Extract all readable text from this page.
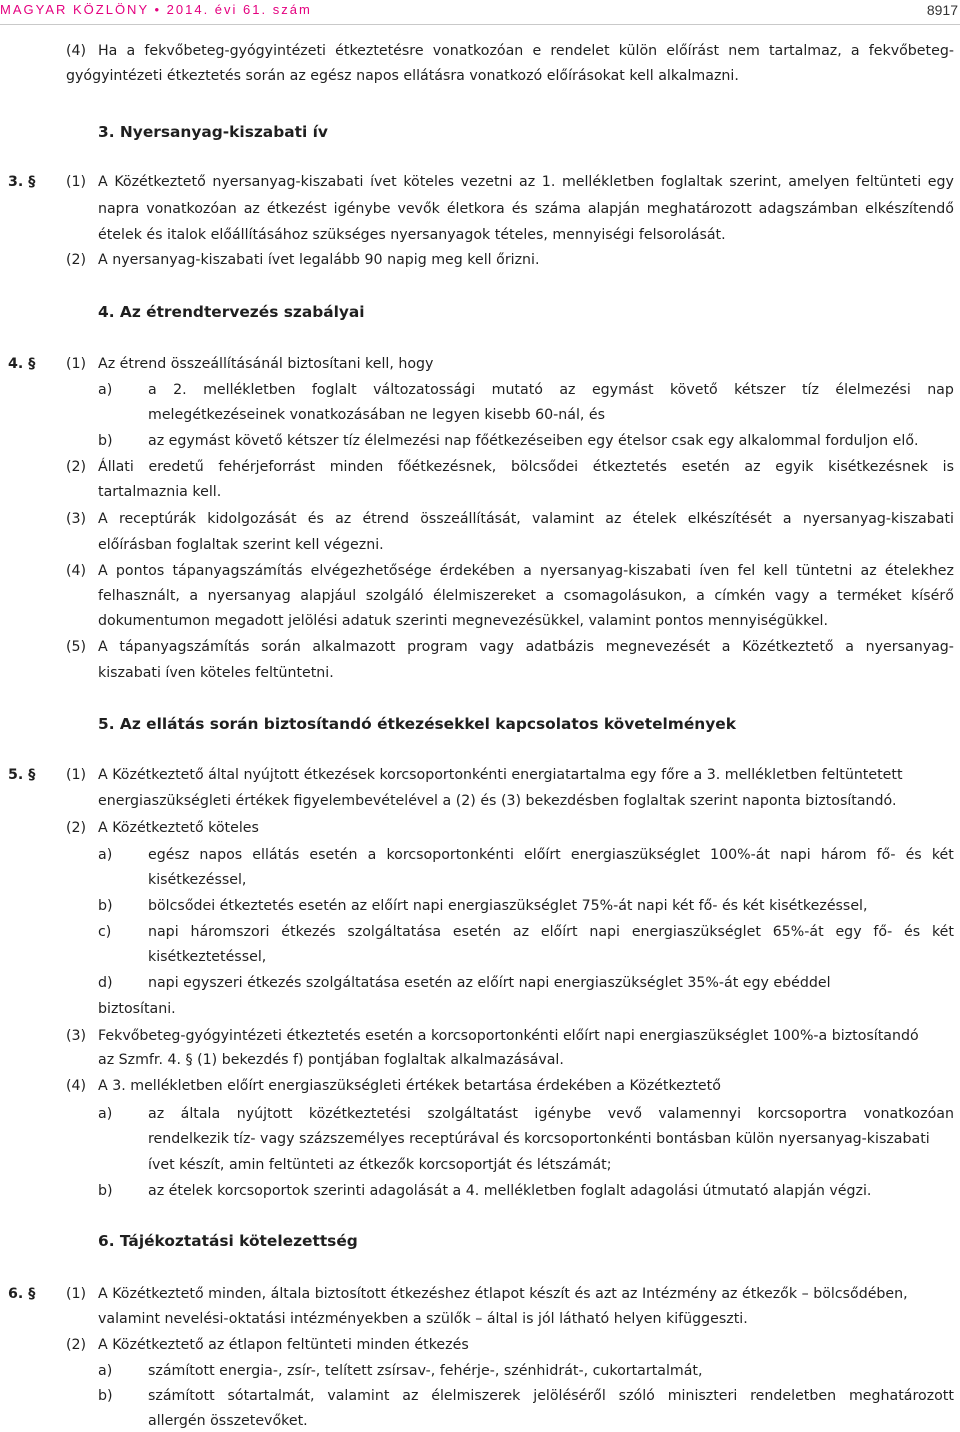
MAGYAR KÖZLÖNY • 2014. évi 61. szám	8917
(4) Ha a fekvőbeteg-gyógyintézeti étkeztetésre vonatkozóan e rendelet külön előírást nem tartalmaz, a fekvőbeteg-
gyógyintézeti étkeztetés során az egész napos ellátásra vonatkozó előírásokat kell alkalmazni.
3. Nyersanyag-kiszabati ív
3. § (1) A Közétkeztető nyersanyag-kiszabati ívet köteles vezetni az 1. mellékletben foglaltak szerint, amelyen feltünteti egy
napra vonatkozóan az étkezést igénybe vevők életkora és száma alapján meghatározott adagszámban elkészítendő
ételek és italok előállításához szükséges nyersanyagok tételes, mennyiségi felsorolását.
(2) A nyersanyag-kiszabati ívet legalább 90 napig meg kell őrizni.
4. Az étrendtervezés szabályai
4. § (1) Az étrend összeállításánál biztosítani kell, hogy
a)	a 2. mellékletben foglalt változatossági mutató az egymást követő kétszer tíz élelmezési nap
melegétkezéseinek vonatkozásában ne legyen kisebb 60-nál, és
b) az egymást követő kétszer tíz élelmezési nap főétkezéseiben egy ételsor csak egy alkalommal forduljon elő.
(2) Állati eredetű fehérjeforrást minden főétkezésnek, bölcsődei étkeztetés esetén az egyik kisétkezésnek is
tartalmaznia kell.
(3) A receptúrák kidolgozását és az étrend összeállítását, valamint az ételek elkészítését a nyersanyag-kiszabati
előírásban foglaltak szerint kell végezni.
(4) A pontos tápanyagszámítás elvégezhetősége érdekében a nyersanyag-kiszabati íven fel kell tüntetni az ételekhez
felhasznált, a nyersanyag alapjául szolgáló élelmiszereket a csomagolásukon, a címkén vagy a terméket kísérő
dokumentumon megadott jelölési adatuk szerinti megnevezésükkel, valamint pontos mennyiségükkel.
(5) A tápanyagszámítás során alkalmazott program vagy adatbázis megnevezését a Közétkeztető a nyersanyag-
kiszabati íven köteles feltüntetni.
5. Az ellátás során biztosítandó étkezésekkel kapcsolatos követelmények
5. § (1) A Közétkeztető által nyújtott étkezések korcsoportonkénti energiatartalma egy főre a 3. mellékletben feltüntetett
energiaszükségleti értékek figyelembevételével a (2) és (3) bekezdésben foglaltak szerint naponta biztosítandó.
(2) A Közétkeztető köteles
a)	egész napos ellátás esetén a korcsoportonkénti előírt energiaszükséglet 100%-át napi három fő- és két
kisétkezéssel,
b) bölcsődei étkeztetés esetén az előírt napi energiaszükséglet 75%-át napi két fő- és két kisétkezéssel,
c)	napi háromszori étkezés szolgáltatása esetén az előírt napi energiaszükséglet 65%-át egy fő- és két
kisétkeztetéssel,
d) napi egyszeri étkezés szolgáltatása esetén az előírt napi energiaszükséglet 35%-át egy ebéddel
biztosítani.
(3) Fekvőbeteg-gyógyintézeti étkeztetés esetén a korcsoportonkénti előírt napi energiaszükséglet 100%-a biztosítandó
az Szmfr. 4. § (1) bekezdés f) pontjában foglaltak alkalmazásával.
(4) A 3. mellékletben előírt energiaszükségleti értékek betartása érdekében a Közétkeztető
a)	az általa nyújtott közétkeztetési szolgáltatást igénybe vevő valamennyi korcsoportra vonatkozóan
rendelkezik tíz- vagy százszemélyes receptúrával és korcsoportonkénti bontásban külön nyersanyag-kiszabati
ívet készít, amin feltünteti az étkezők korcsoportját és létszámát;
b) az ételek korcsoportok szerinti adagolását a 4. mellékletben foglalt adagolási útmutató alapján végzi.
6. Tájékoztatási kötelezettség
6. § (1) A Közétkeztető minden, általa biztosított étkezéshez étlapot készít és azt az Intézmény az étkezők – bölcsődében,
valamint nevelési-oktatási intézményekben a szülők – által is jól látható helyen kifüggeszti.
(2) A Közétkeztető az étlapon feltünteti minden étkezés
a)	számított energia-, zsír-, telített zsírsav-, fehérje-, szénhidrát-, cukortartalmát,
b) számított sótartalmát, valamint az élelmiszerek jelöléséről szóló miniszteri rendeletben meghatározott
allergén összetevőket.
